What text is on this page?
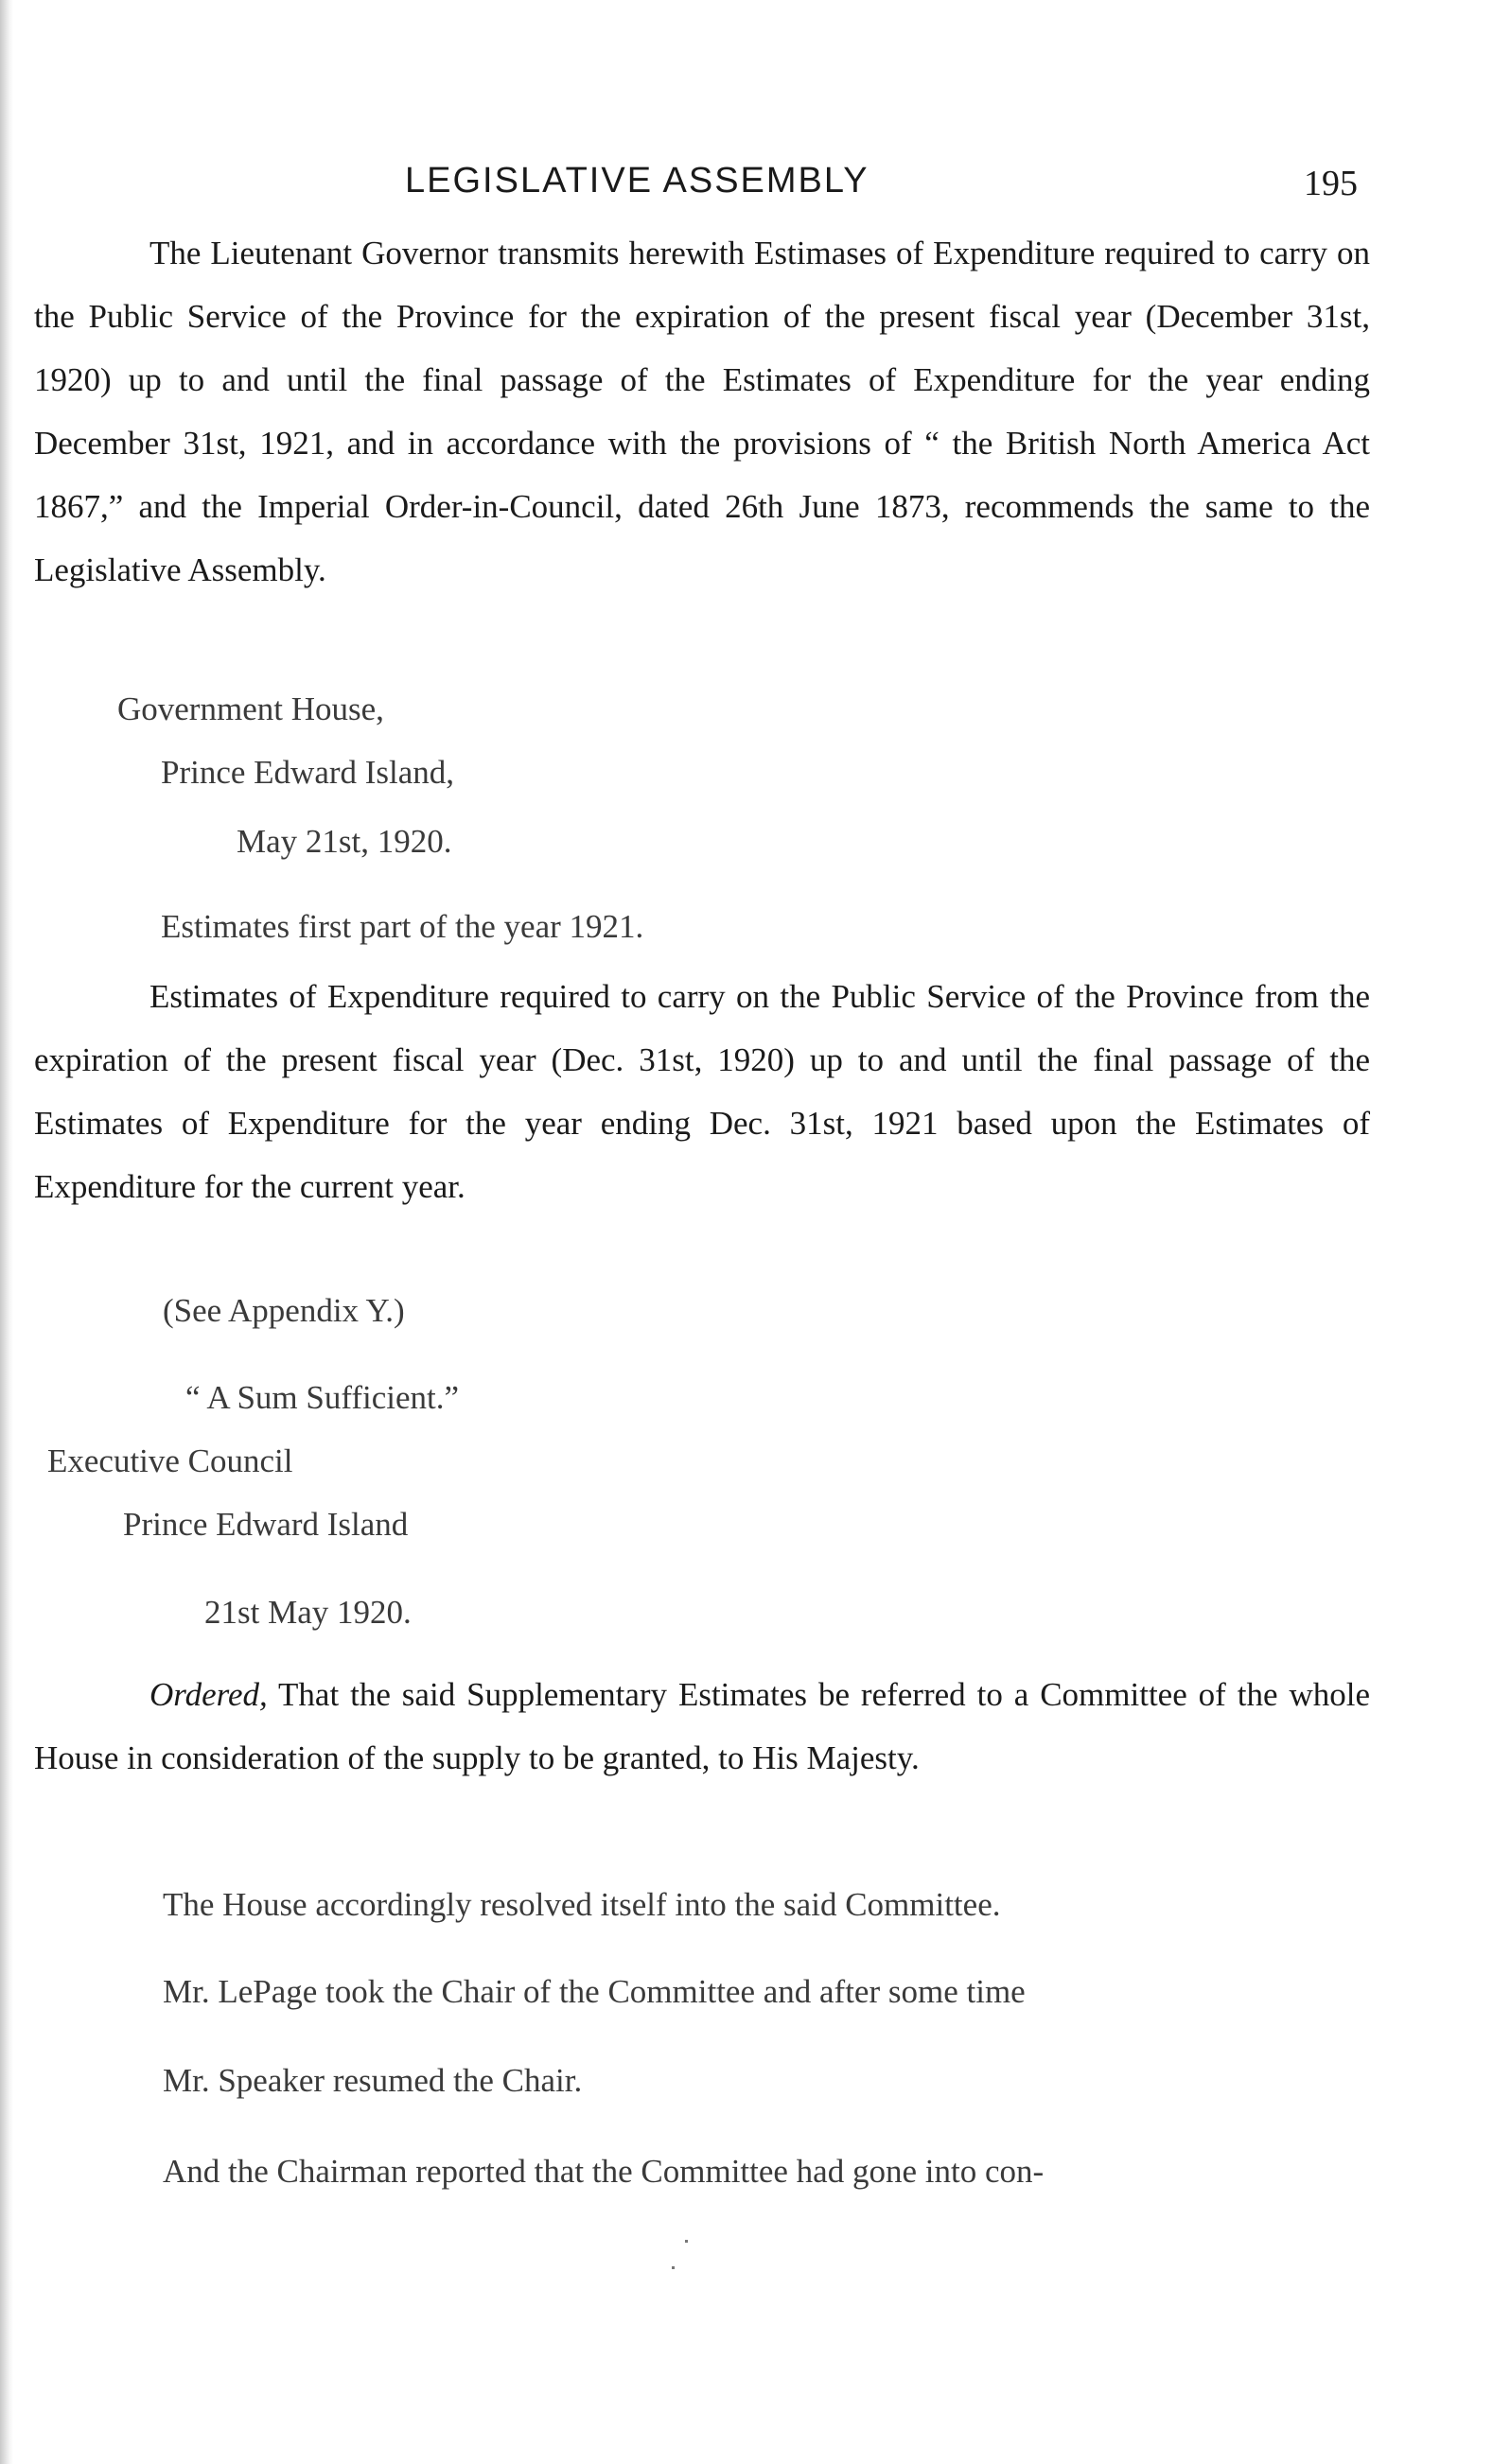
LEGISLATIVE ASSEMBLY	195

The Lieutenant Governor transmits herewith Estimases of Expenditure required to carry on the Public Service of the Province for the expiration of the present fiscal year (December 31st, 1920) up to and until the final passage of the Estimates of Expenditure for the year ending December 31st, 1921, and in accordance with the provisions of “ the British North America Act 1867,” and the Imperial Order-in-Council, dated 26th June 1873, recommends the same to the Legislative Assembly.

Government House,

Prince Edward Island,

May 21st, 1920.

Estimates first part of the year 1921.

Estimates of Expenditure required to carry on the Public Service of the Province from the expiration of the present fiscal year (Dec. 31st, 1920) up to and until the final passage of the Estimates of Expenditure for the year ending Dec. 31st, 1921 based upon the Estimates of Expenditure for the current year.

(See Appendix Y.)

“ A Sum Sufficient.”

Executive Council

Prince Edward Island

21st May 1920.

Ordered, That the said Supplementary Estimates be referred to a Committee of the whole House in consideration of the supply to be granted, to His Majesty.

The House accordingly resolved itself into the said Committee.

Mr. LePage took the Chair of the Committee and after some time

Mr. Speaker resumed the Chair.

And the Chairman reported that the Committee had gone into con-
